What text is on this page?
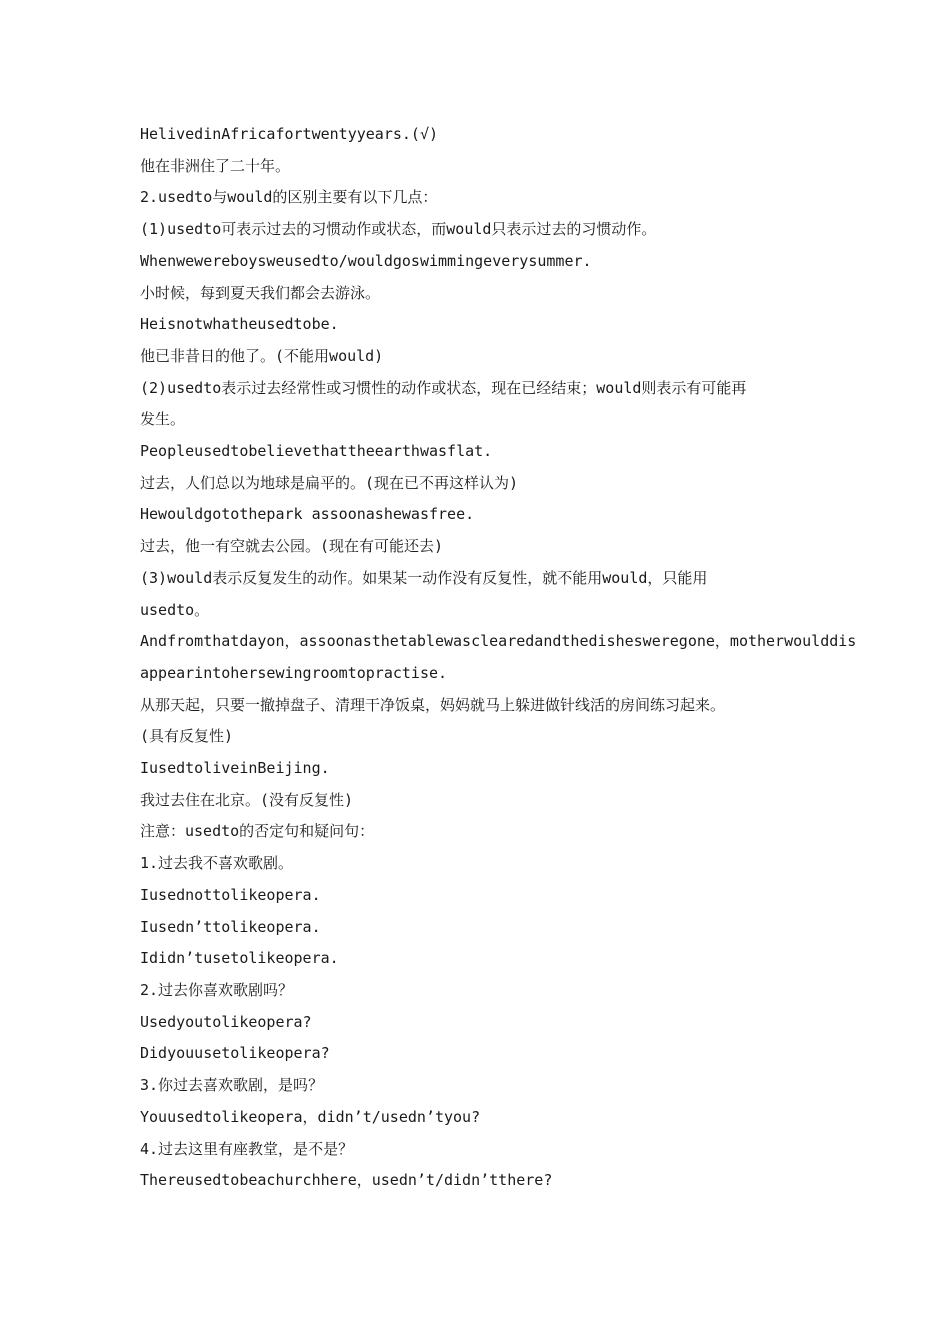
HelivedinAfricafortwentyyears.(√)
他在非洲住了二十年。
2.usedto与would的区别主要有以下几点：
(1)usedto可表示过去的习惯动作或状态，而would只表示过去的习惯动作。
Whenwewereboysweusedto/wouldgoswimmingeverysummer.
小时候，每到夏天我们都会去游泳。
Heisnotwhatheusedtobe.
他已非昔日的他了。(不能用would)
(2)usedto表示过去经常性或习惯性的动作或状态，现在已经结束；would则表示有可能再
发生。
Peopleusedtobelievethattheearthwasflat.
过去，人们总以为地球是扁平的。(现在已不再这样认为)
Hewouldgotothepark assoonashewasfree.
过去，他一有空就去公园。(现在有可能还去)
(3)would表示反复发生的动作。如果某一动作没有反复性，就不能用would，只能用
usedto。
Andfromthatdayon，assoonasthetablewasclearedandthedishesweregone，motherwoulddis
appearintohersewingroomtopractise.
从那天起，只要一撤掉盘子、清理干净饭桌，妈妈就马上躲进做针线活的房间练习起来。
(具有反复性)
IusedtoliveinBeijing.
我过去住在北京。(没有反复性)
注意：usedto的否定句和疑问句：
1.过去我不喜欢歌剧。
Iusednottolikeopera.
Iusedn’ttolikeopera.
Ididn’tusetolikeopera.
2.过去你喜欢歌剧吗？
Usedyoutolikeopera?
Didyouusetolikeopera?
3.你过去喜欢歌剧，是吗？
Youusedtolikeopera，didn’t/usedn’tyou?
4.过去这里有座教堂，是不是？
Thereusedtobeachurchhere，usedn’t/didn’tthere?
